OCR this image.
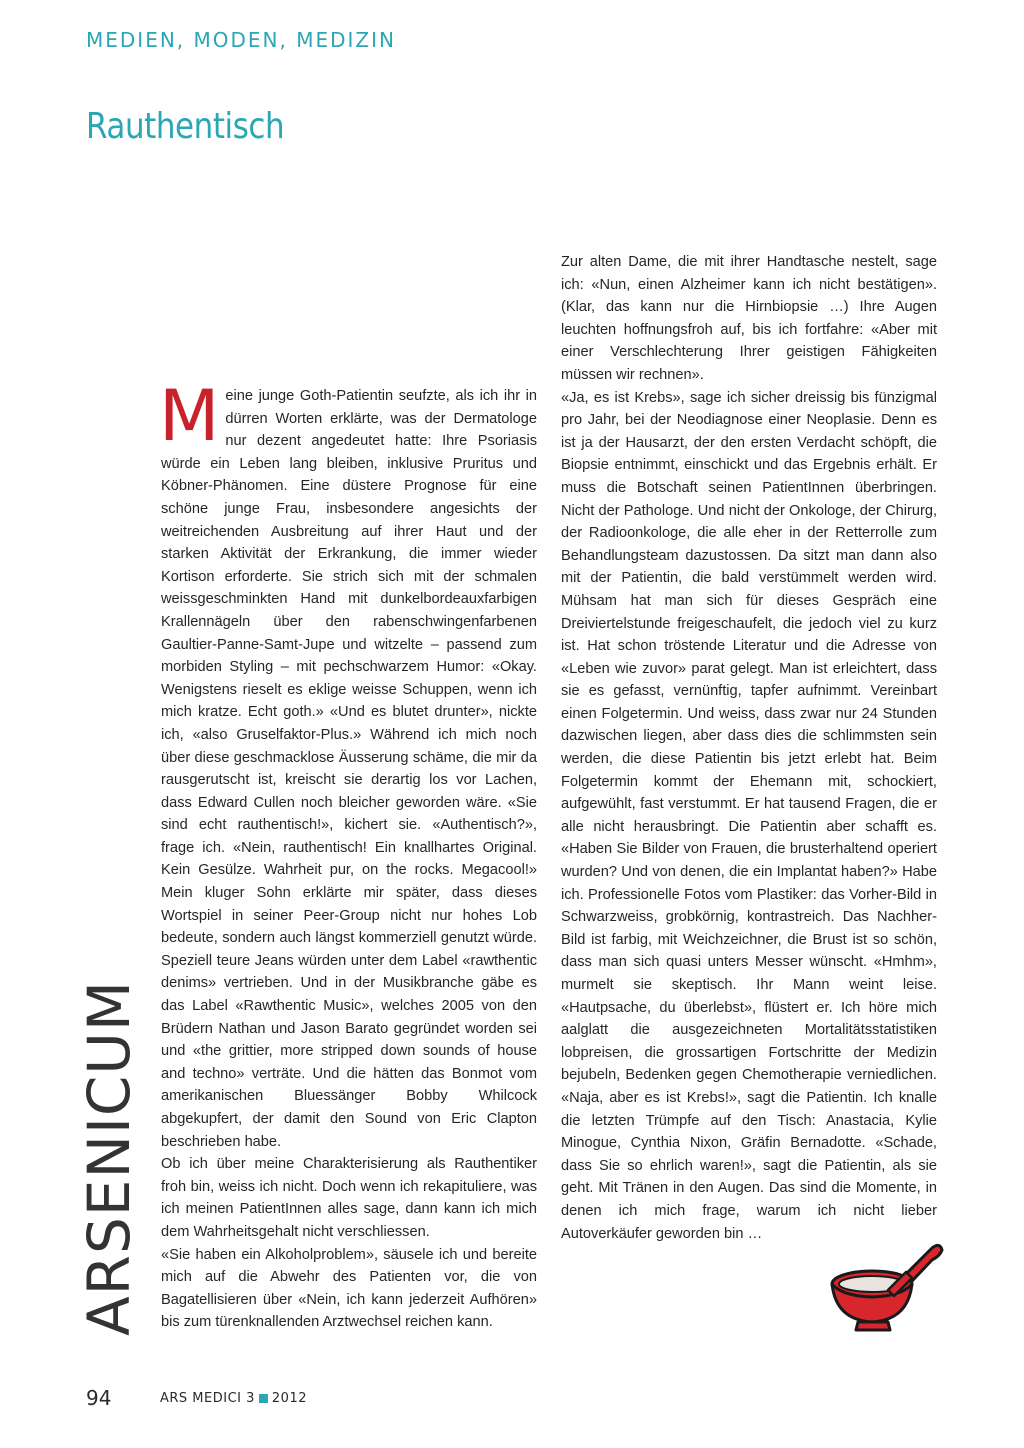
MEDIEN, MODEN, MEDIZIN
Rauthentisch

Meine junge Goth-Patientin seufzte, als ich ihr in dürren Worten erklärte, was der Dermatologe nur dezent angedeutet hatte: Ihre Psoriasis würde ein Leben lang bleiben, inklusive Pruritus und Köbner-Phänomen. Eine düstere Prognose für eine schöne junge Frau, insbesondere angesichts der weitreichenden Ausbreitung auf ihrer Haut und der starken Aktivität der Erkrankung, die immer wieder Kortison erforderte. Sie strich sich mit der schmalen weissgeschminkten Hand mit dunkelbordeauxfarbigen Krallennägeln über den rabenschwingenfarbenen Gaultier-Panne-Samt-Jupe und witzelte – passend zum morbiden Styling – mit pechschwarzem Humor: «Okay. Wenigstens rieselt es eklige weisse Schuppen, wenn ich mich kratze. Echt goth.» «Und es blutet drunter», nickte ich, «also Gruselfaktor-Plus.» Während ich mich noch über diese geschmacklose Äusserung schäme, die mir da rausgerutscht ist, kreischt sie derartig los vor Lachen, dass Edward Cullen noch bleicher geworden wäre. «Sie sind echt rauthentisch!», kichert sie. «Authentisch?», frage ich. «Nein, rauthentisch! Ein knallhartes Original. Kein Gesülze. Wahrheit pur, on the rocks. Megacool!» Mein kluger Sohn erklärte mir später, dass dieses Wortspiel in seiner Peer-Group nicht nur hohes Lob bedeute, sondern auch längst kommerziell genutzt würde. Speziell teure Jeans würden unter dem Label «rawthentic denims» vertrieben. Und in der Musikbranche gäbe es das Label «Rawthentic Music», welches 2005 von den Brüdern Nathan und Jason Barato gegründet worden sei und «the grittier, more stripped down sounds of house and techno» verträte. Und die hätten das Bonmot vom amerikanischen Bluessänger Bobby Whilcock abgekupfert, der damit den Sound von Eric Clapton beschrieben habe.

Ob ich über meine Charakterisierung als Rauthentiker froh bin, weiss ich nicht. Doch wenn ich rekapituliere, was ich meinen PatientInnen alles sage, dann kann ich mich dem Wahrheitsgehalt nicht verschliessen.

«Sie haben ein Alkoholproblem», säusele ich und bereite mich auf die Abwehr des Patienten vor, die von Bagatellisieren über «Nein, ich kann jederzeit Aufhören» bis zum türenknallenden Arztwechsel reichen kann.

Zur alten Dame, die mit ihrer Handtasche nestelt, sage ich: «Nun, einen Alzheimer kann ich nicht bestätigen». (Klar, das kann nur die Hirnbiopsie …) Ihre Augen leuchten hoffnungsfroh auf, bis ich fortfahre: «Aber mit einer Verschlechterung Ihrer geistigen Fähigkeiten müssen wir rechnen».

«Ja, es ist Krebs», sage ich sicher dreissig bis fünzigmal pro Jahr, bei der Neodiagnose einer Neoplasie. Denn es ist ja der Hausarzt, der den ersten Verdacht schöpft, die Biopsie entnimmt, einschickt und das Ergebnis erhält. Er muss die Botschaft seinen PatientInnen überbringen. Nicht der Pathologe. Und nicht der Onkologe, der Chirurg, der Radioonkologe, die alle eher in der Retterrolle zum Behandlungsteam dazustossen. Da sitzt man dann also mit der Patientin, die bald verstümmelt werden wird. Mühsam hat man sich für dieses Gespräch eine Dreiviertelstunde freigeschaufelt, die jedoch viel zu kurz ist. Hat schon tröstende Literatur und die Adresse von «Leben wie zuvor» parat gelegt. Man ist erleichtert, dass sie es gefasst, vernünftig, tapfer aufnimmt. Vereinbart einen Folgetermin. Und weiss, dass zwar nur 24 Stunden dazwischen liegen, aber dass dies die schlimmsten sein werden, die diese Patientin bis jetzt erlebt hat. Beim Folgetermin kommt der Ehemann mit, schockiert, aufgewühlt, fast verstummt. Er hat tausend Fragen, die er alle nicht herausbringt. Die Patientin aber schafft es. «Haben Sie Bilder von Frauen, die brusterhaltend operiert wurden? Und von denen, die ein Implantat haben?» Habe ich. Professionelle Fotos vom Plastiker: das Vorher-Bild in Schwarzweiss, grobkörnig, kontrastreich. Das Nachher-Bild ist farbig, mit Weichzeichner, die Brust ist so schön, dass man sich quasi unters Messer wünscht. «Hmhm», murmelt sie skeptisch. Ihr Mann weint leise. «Hautpsache, du überlebst», flüstert er. Ich höre mich aalglatt die ausgezeichneten Mortalitätsstatistiken lobpreisen, die grossartigen Fortschritte der Medizin bejubeln, Bedenken gegen Chemotherapie verniedlichen. «Naja, aber es ist Krebs!», sagt die Patientin. Ich knalle die letzten Trümpfe auf den Tisch: Anastacia, Kylie Minogue, Cynthia Nixon, Gräfin Bernadotte. «Schade, dass Sie so ehrlich waren!», sagt die Patientin, als sie geht. Mit Tränen in den Augen. Das sind die Momente, in denen ich mich frage, warum ich nicht lieber Autoverkäufer geworden bin …

ARSENICUM
94	ARS MEDICI 3 2012
